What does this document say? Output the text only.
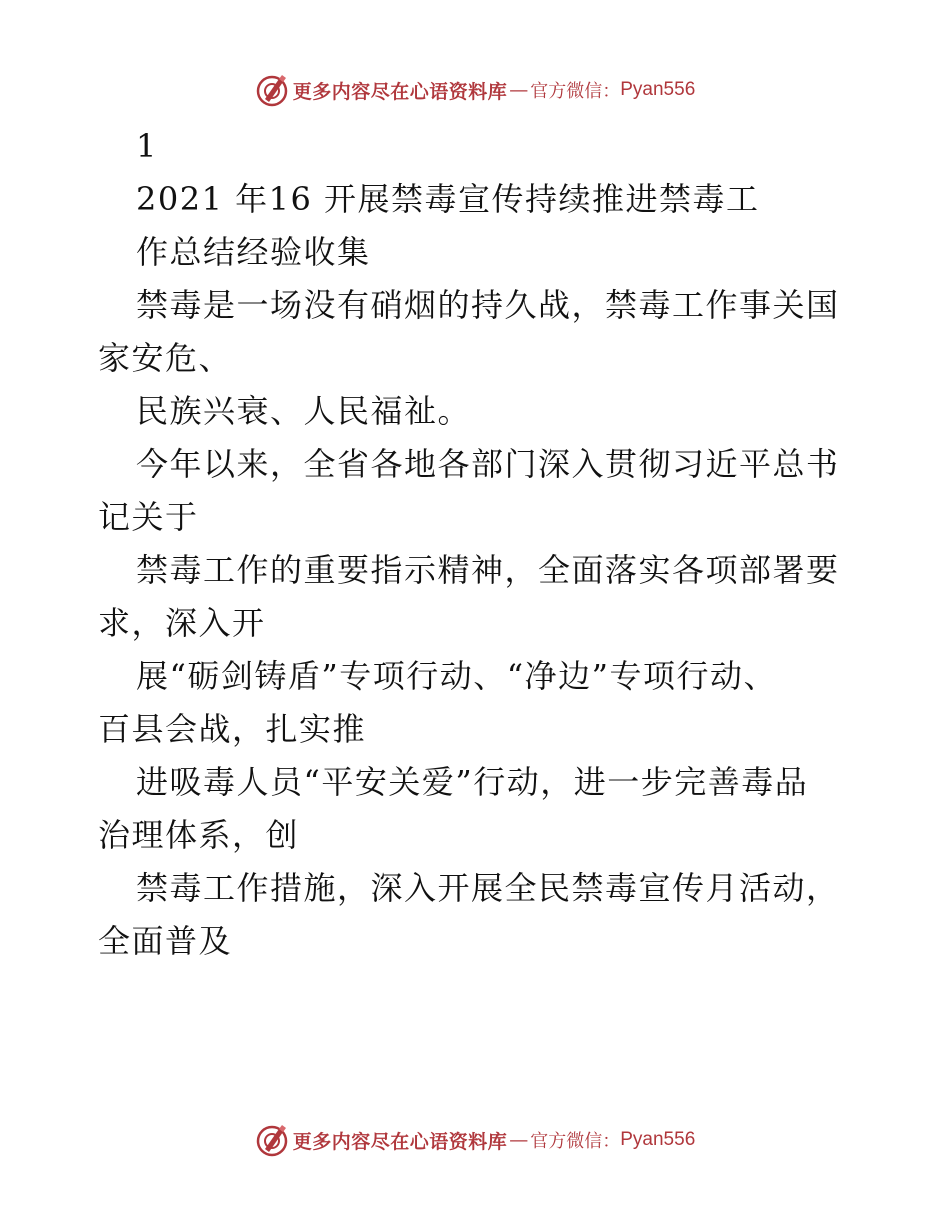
更多内容尽在心语资料库 — 官方微信： Pyan556
1
2021 年16 开展禁毒宣传持续推进禁毒工
作总结经验收集
禁毒是一场没有硝烟的持久战，禁毒工作事关国
家安危、
民族兴衰、人民福祉。
今年以来，全省各地各部门深入贯彻习近平总书
记关于
禁毒工作的重要指示精神，全面落实各项部署要
求，深入开
展“砺剑铸盾”专项行动、“净边”专项行动、
百县会战，扎实推
进吸毒人员“平安关爱”行动，进一步完善毒品
治理体系，创
禁毒工作措施，深入开展全民禁毒宣传月活动，
全面普及
更多内容尽在心语资料库 — 官方微信： Pyan556
